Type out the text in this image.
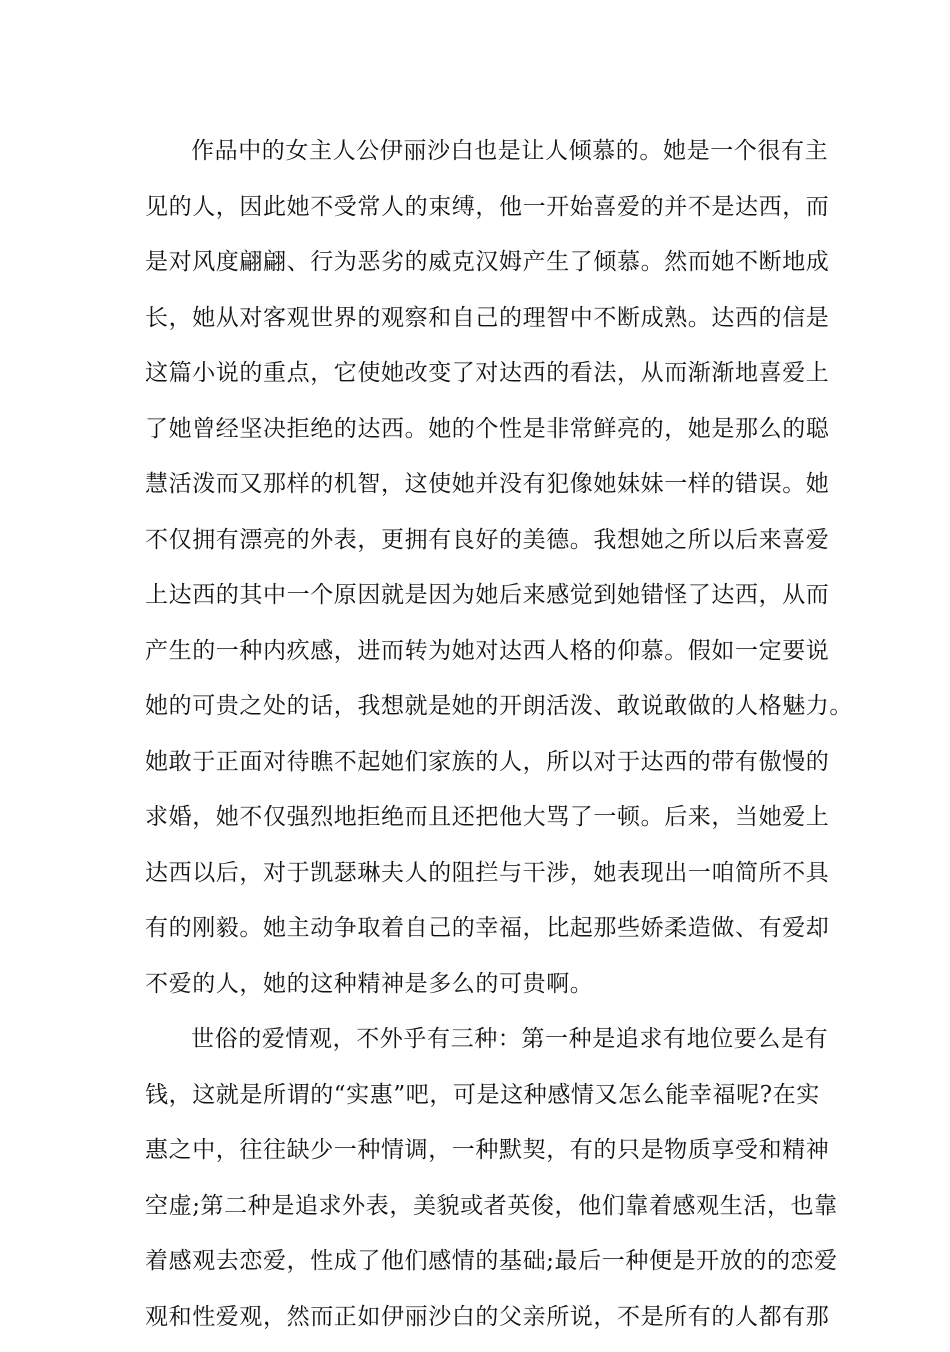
作品中的女主人公伊丽沙白也是让人倾慕的。她是一个很有主
见的人，因此她不受常人的束缚，他一开始喜爱的并不是达西，而
是对风度翩翩、行为恶劣的威克汉姆产生了倾慕。然而她不断地成
长，她从对客观世界的观察和自己的理智中不断成熟。达西的信是
这篇小说的重点，它使她改变了对达西的看法，从而渐渐地喜爱上
了她曾经坚决拒绝的达西。她的个性是非常鲜亮的，她是那么的聪
慧活泼而又那样的机智，这使她并没有犯像她妹妹一样的错误。她
不仅拥有漂亮的外表，更拥有良好的美德。我想她之所以后来喜爱
上达西的其中一个原因就是因为她后来感觉到她错怪了达西，从而
产生的一种内疚感，进而转为她对达西人格的仰慕。假如一定要说
她的可贵之处的话，我想就是她的开朗活泼、敢说敢做的人格魅力。
她敢于正面对待瞧不起她们家族的人，所以对于达西的带有傲慢的
求婚，她不仅强烈地拒绝而且还把他大骂了一顿。后来，当她爱上
达西以后，对于凯瑟琳夫人的阻拦与干涉，她表现出一咱简所不具
有的刚毅。她主动争取着自己的幸福，比起那些娇柔造做、有爱却
不爱的人，她的这种精神是多么的可贵啊。
世俗的爱情观，不外乎有三种：第一种是追求有地位要么是有
钱，这就是所谓的“实惠”吧，可是这种感情又怎么能幸福呢?在实
惠之中，往往缺少一种情调，一种默契，有的只是物质享受和精神
空虚;第二种是追求外表，美貌或者英俊，他们靠着感观生活，也靠
着感观去恋爱，性成了他们感情的基础;最后一种便是开放的的恋爱
观和性爱观，然而正如伊丽沙白的父亲所说，不是所有的人都有那
